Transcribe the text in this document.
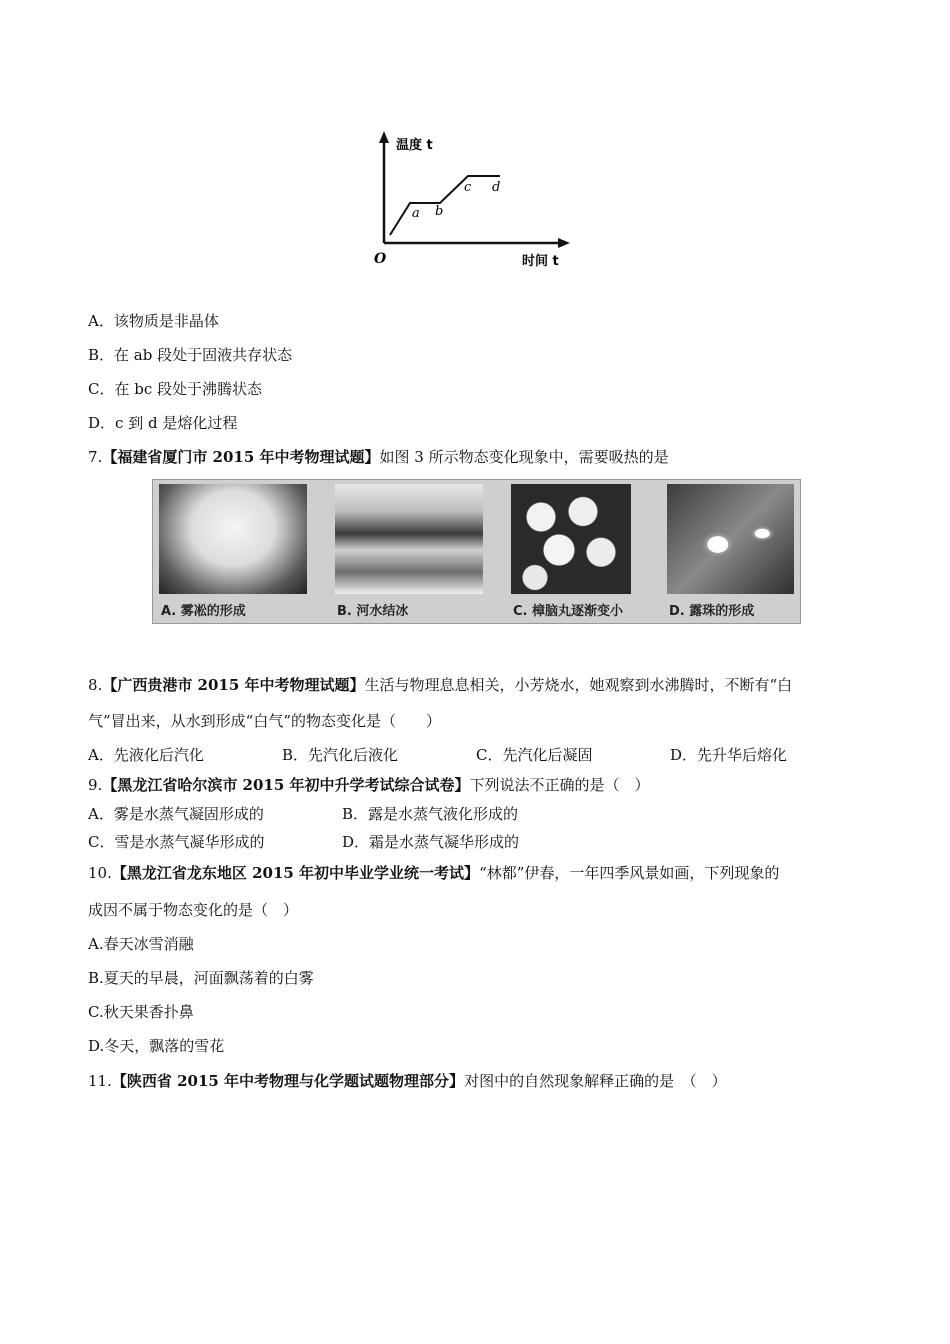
温度 t
时间 t
O
a b
c d
A．该物质是非晶体
B．在 ab 段处于固液共存状态
C．在 bc 段处于沸腾状态
D．c 到 d 是熔化过程
7.【福建省厦门市 2015 年中考物理试题】如图 3 所示物态变化现象中，需要吸热的是
A. 雾凇的形成	B. 河水结冰	C. 樟脑丸逐渐变小	D. 露珠的形成
8.【广西贵港市 2015 年中考物理试题】生活与物理息息相关，小芳烧水，她观察到水沸腾时，不断有“白
气”冒出来，从水到形成“白气”的物态变化是（　　）
A．先液化后汽化	B．先汽化后液化	C．先汽化后凝固	D．先升华后熔化
9.【黑龙江省哈尔滨市 2015 年初中升学考试综合试卷】下列说法不正确的是（　）
A．雾是水蒸气凝固形成的	B．露是水蒸气液化形成的
C．雪是水蒸气凝华形成的	D．霜是水蒸气凝华形成的
10.【黑龙江省龙东地区 2015 年初中毕业学业统一考试】“林都”伊春，一年四季风景如画，下列现象的
成因不属于物态变化的是（　）
A.春天冰雪消融
B.夏天的早晨，河面飘荡着的白雾
C.秋天果香扑鼻
D.冬天，飘落的雪花
11.【陕西省 2015 年中考物理与化学题试题物理部分】对图中的自然现象解释正确的是　（　）
